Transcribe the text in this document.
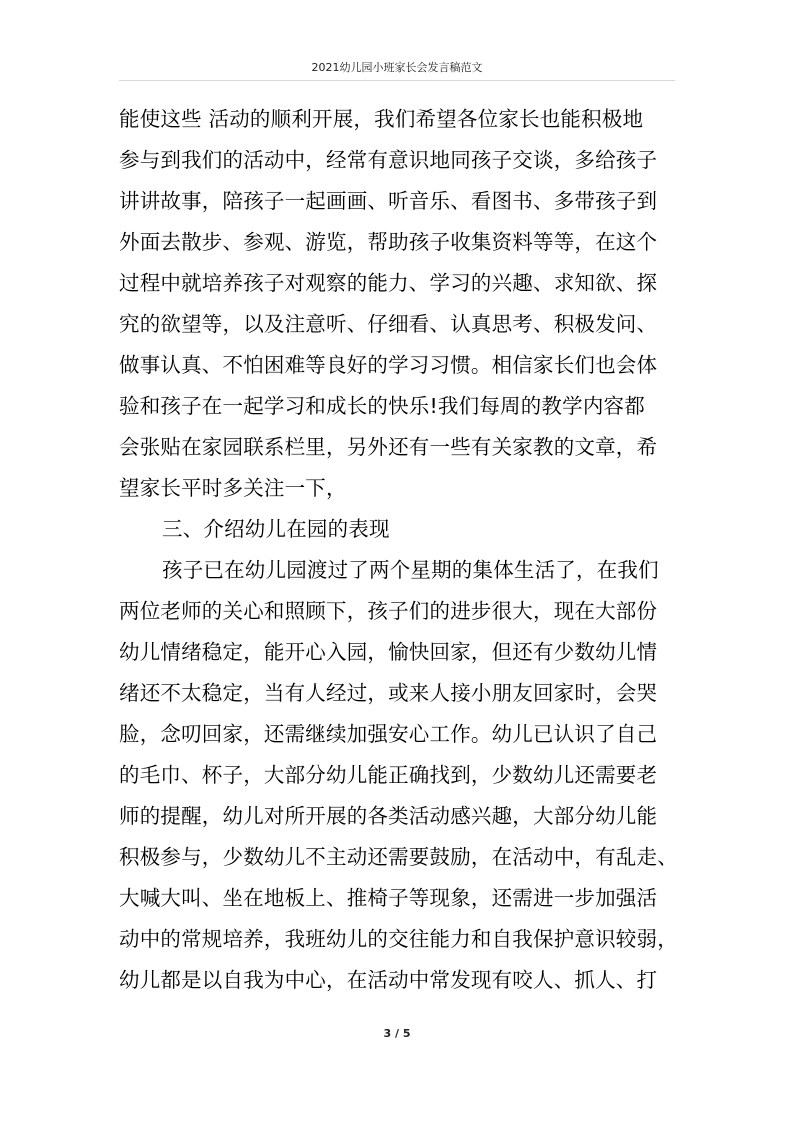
2021幼儿园小班家长会发言稿范文
能使这些 活动的顺利开展，我们希望各位家长也能积极地
参与到我们的活动中，经常有意识地同孩子交谈，多给孩子
讲讲故事，陪孩子一起画画、听音乐、看图书、多带孩子到
外面去散步、参观、游览，帮助孩子收集资料等等，在这个
过程中就培养孩子对观察的能力、学习的兴趣、求知欲、探
究的欲望等，以及注意听、仔细看、认真思考、积极发问、
做事认真、不怕困难等良好的学习习惯。相信家长们也会体
验和孩子在一起学习和成长的快乐!我们每周的教学内容都
会张贴在家园联系栏里，另外还有一些有关家教的文章，希
望家长平时多关注一下，
三、介绍幼儿在园的表现
孩子已在幼儿园渡过了两个星期的集体生活了，在我们
两位老师的关心和照顾下，孩子们的进步很大，现在大部份
幼儿情绪稳定，能开心入园，愉快回家，但还有少数幼儿情
绪还不太稳定，当有人经过，或来人接小朋友回家时，会哭
脸，念叨回家，还需继续加强安心工作。幼儿已认识了自己
的毛巾、杯子，大部分幼儿能正确找到，少数幼儿还需要老
师的提醒，幼儿对所开展的各类活动感兴趣，大部分幼儿能
积极参与，少数幼儿不主动还需要鼓励，在活动中，有乱走、
大喊大叫、坐在地板上、推椅子等现象，还需进一步加强活
动中的常规培养，我班幼儿的交往能力和自我保护意识较弱，
幼儿都是以自我为中心，在活动中常发现有咬人、抓人、打
3 / 5
